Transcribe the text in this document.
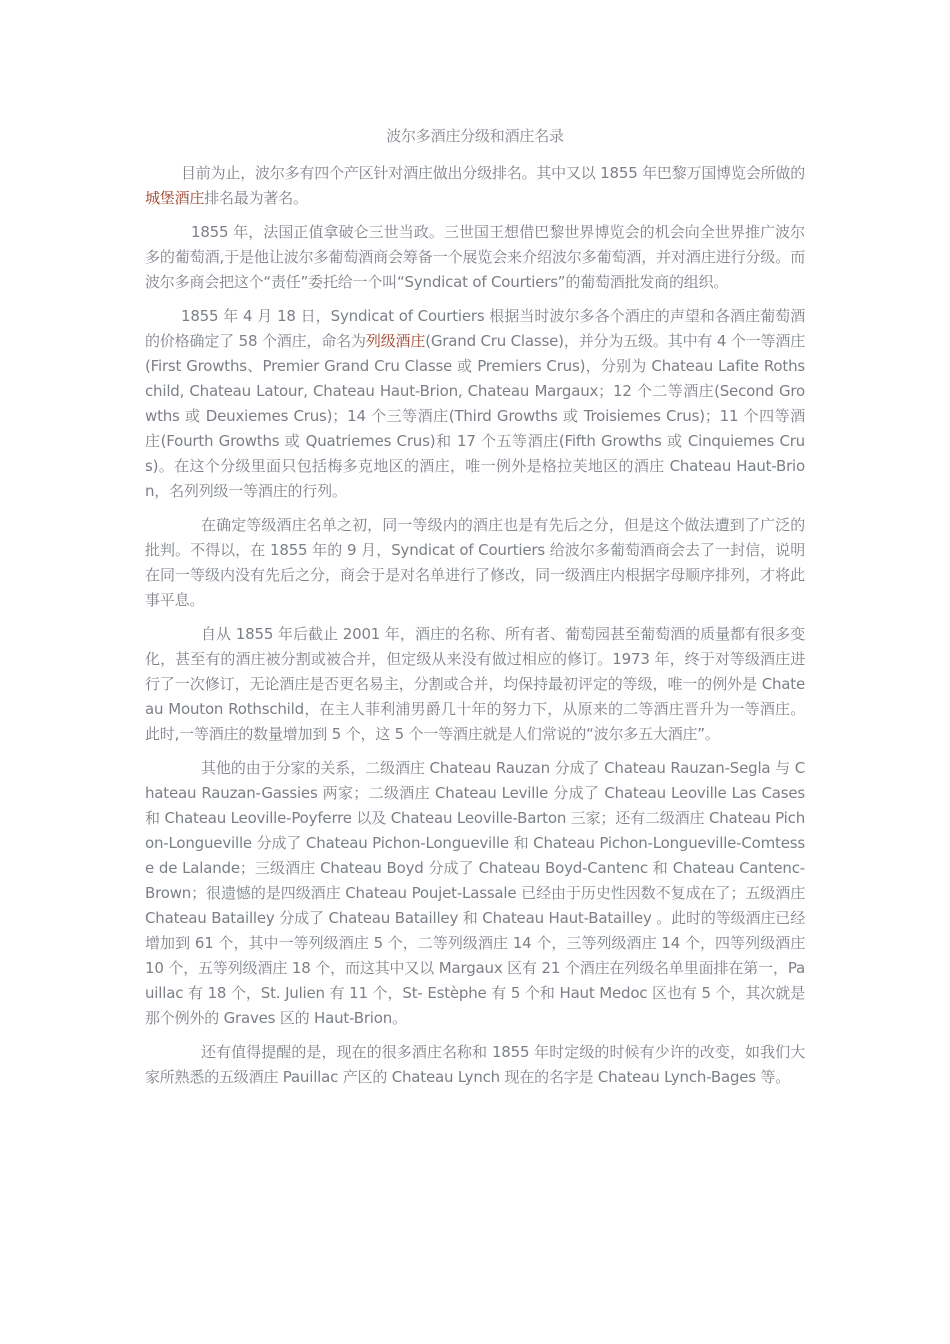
波尔多酒庄分级和酒庄名录

目前为止，波尔多有四个产区针对酒庄做出分级排名。其中又以 1855 年巴黎万国博览会所做的城堡酒庄排名最为著名。

1855 年，法国正值拿破仑三世当政。三世国王想借巴黎世界博览会的机会向全世界推广波尔多的葡萄酒,于是他让波尔多葡萄酒商会筹备一个展览会来介绍波尔多葡萄酒，并对酒庄进行分级。而波尔多商会把这个“责任”委托给一个叫“Syndicat of Courtiers”的葡萄酒批发商的组织。

1855 年 4 月 18 日，Syndicat of Courtiers 根据当时波尔多各个酒庄的声望和各酒庄葡萄酒的价格确定了 58 个酒庄，命名为列级酒庄(Grand Cru Classe)，并分为五级。其中有 4 个一等酒庄(First Growths、Premier Grand Cru Classe 或 Premiers Crus)，分别为 Chateau Lafite Rothschild, Chateau Latour, Chateau Haut-Brion, Chateau Margaux；12 个二等酒庄(Second Growths 或 Deuxiemes Crus)；14 个三等酒庄(Third Growths 或 Troisiemes Crus)；11 个四等酒庄(Fourth Growths 或 Quatriemes Crus)和 17 个五等酒庄(Fifth Growths 或 Cinquiemes Crus)。在这个分级里面只包括梅多克地区的酒庄，唯一例外是格拉芙地区的酒庄 Chateau Haut-Brion，名列列级一等酒庄的行列。

在确定等级酒庄名单之初，同一等级内的酒庄也是有先后之分，但是这个做法遭到了广泛的批判。不得以，在 1855 年的 9 月，Syndicat of Courtiers 给波尔多葡萄酒商会去了一封信，说明在同一等级内没有先后之分，商会于是对名单进行了修改，同一级酒庄内根据字母顺序排列，才将此事平息。

自从 1855 年后截止 2001 年，酒庄的名称、所有者、葡萄园甚至葡萄酒的质量都有很多变化，甚至有的酒庄被分割或被合并，但定级从来没有做过相应的修订。1973 年，终于对等级酒庄进行了一次修订，无论酒庄是否更名易主，分割或合并，均保持最初评定的等级，唯一的例外是 Chateau Mouton Rothschild，在主人菲利浦男爵几十年的努力下，从原来的二等酒庄晋升为一等酒庄。此时,一等酒庄的数量增加到 5 个，这 5 个一等酒庄就是人们常说的“波尔多五大酒庄”。

其他的由于分家的关系，二级酒庄 Chateau Rauzan 分成了 Chateau Rauzan-Segla 与 Chateau Rauzan-Gassies 两家；二级酒庄 Chateau Leville 分成了 Chateau Leoville Las Cases 和 Chateau Leoville-Poyferre 以及 Chateau Leoville-Barton 三家；还有二级酒庄 Chateau Pichon-Longueville 分成了 Chateau Pichon-Longueville 和 Chateau Pichon-Longueville-Comtesse de Lalande；三级酒庄 Chateau Boyd 分成了 Chateau Boyd-Cantenc 和 Chateau Cantenc-Brown；很遗憾的是四级酒庄 Chateau Poujet-Lassale 已经由于历史性因数不复成在了；五级酒庄 Chateau Batailley 分成了 Chateau Batailley 和 Chateau Haut-Batailley 。此时的等级酒庄已经增加到 61 个，其中一等列级酒庄 5 个，二等列级酒庄 14 个，三等列级酒庄 14 个，四等列级酒庄 10 个，五等列级酒庄 18 个，而这其中又以 Margaux 区有 21 个酒庄在列级名单里面排在第一，Pauillac 有 18 个，St. Julien 有 11 个，St- Estèphe 有 5 个和 Haut Medoc 区也有 5 个，其次就是那个例外的 Graves 区的 Haut-Brion。

还有值得提醒的是，现在的很多酒庄名称和 1855 年时定级的时候有少许的改变，如我们大家所熟悉的五级酒庄 Pauillac 产区的 Chateau Lynch 现在的名字是 Chateau Lynch-Bages 等。
